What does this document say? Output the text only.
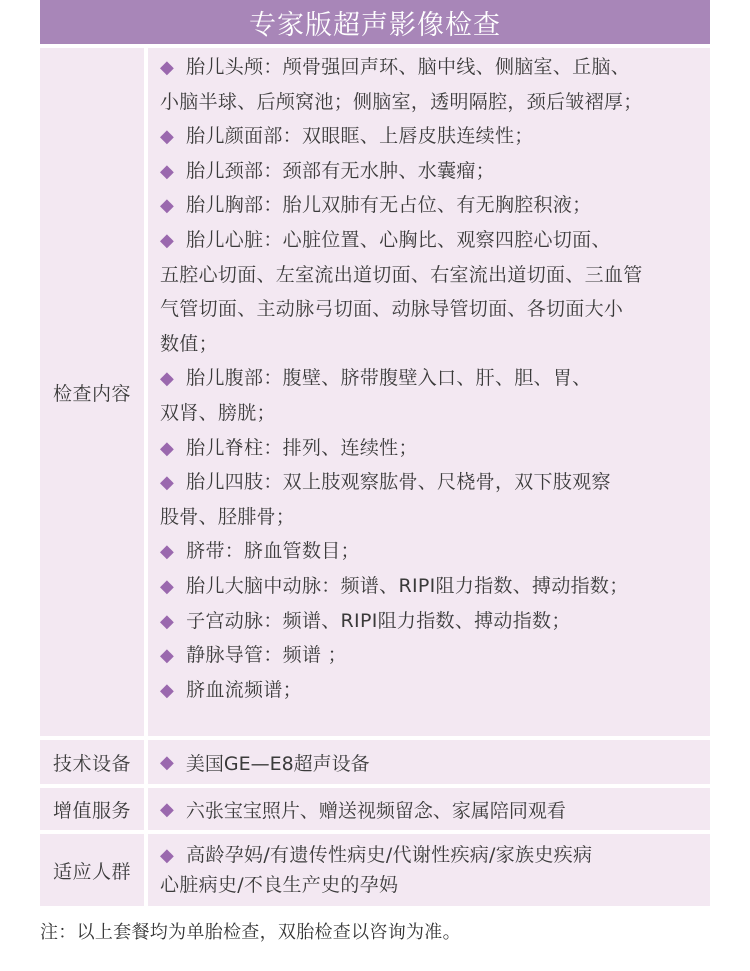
专家版超声影像检查
检查内容
◆ 胎儿头颅：颅骨强回声环、脑中线、侧脑室、丘脑、
小脑半球、后颅窝池；侧脑室，透明隔腔，颈后皱褶厚；
◆ 胎儿颜面部：双眼眶、上唇皮肤连续性；
◆ 胎儿颈部：颈部有无水肿、水囊瘤；
◆ 胎儿胸部：胎儿双肺有无占位、有无胸腔积液；
◆ 胎儿心脏：心脏位置、心胸比、观察四腔心切面、
五腔心切面、左室流出道切面、右室流出道切面、三血管
气管切面、主动脉弓切面、动脉导管切面、各切面大小
数值；
◆ 胎儿腹部：腹壁、脐带腹壁入口、肝、胆、胃、
双肾、膀胱；
◆ 胎儿脊柱：排列、连续性；
◆ 胎儿四肢：双上肢观察肱骨、尺桡骨，双下肢观察
股骨、胫腓骨；
◆ 脐带：脐血管数目；
◆ 胎儿大脑中动脉：频谱、RIPI阻力指数、搏动指数；
◆ 子宫动脉：频谱、RIPI阻力指数、搏动指数；
◆ 静脉导管：频谱 ；
◆ 脐血流频谱；
技术设备	◆ 美国GE—E8超声设备
增值服务	◆ 六张宝宝照片、赠送视频留念、家属陪同观看
适应人群
◆ 高龄孕妈/有遗传性病史/代谢性疾病/家族史疾病
心脏病史/不良生产史的孕妈
注：以上套餐均为单胎检查，双胎检查以咨询为准。
